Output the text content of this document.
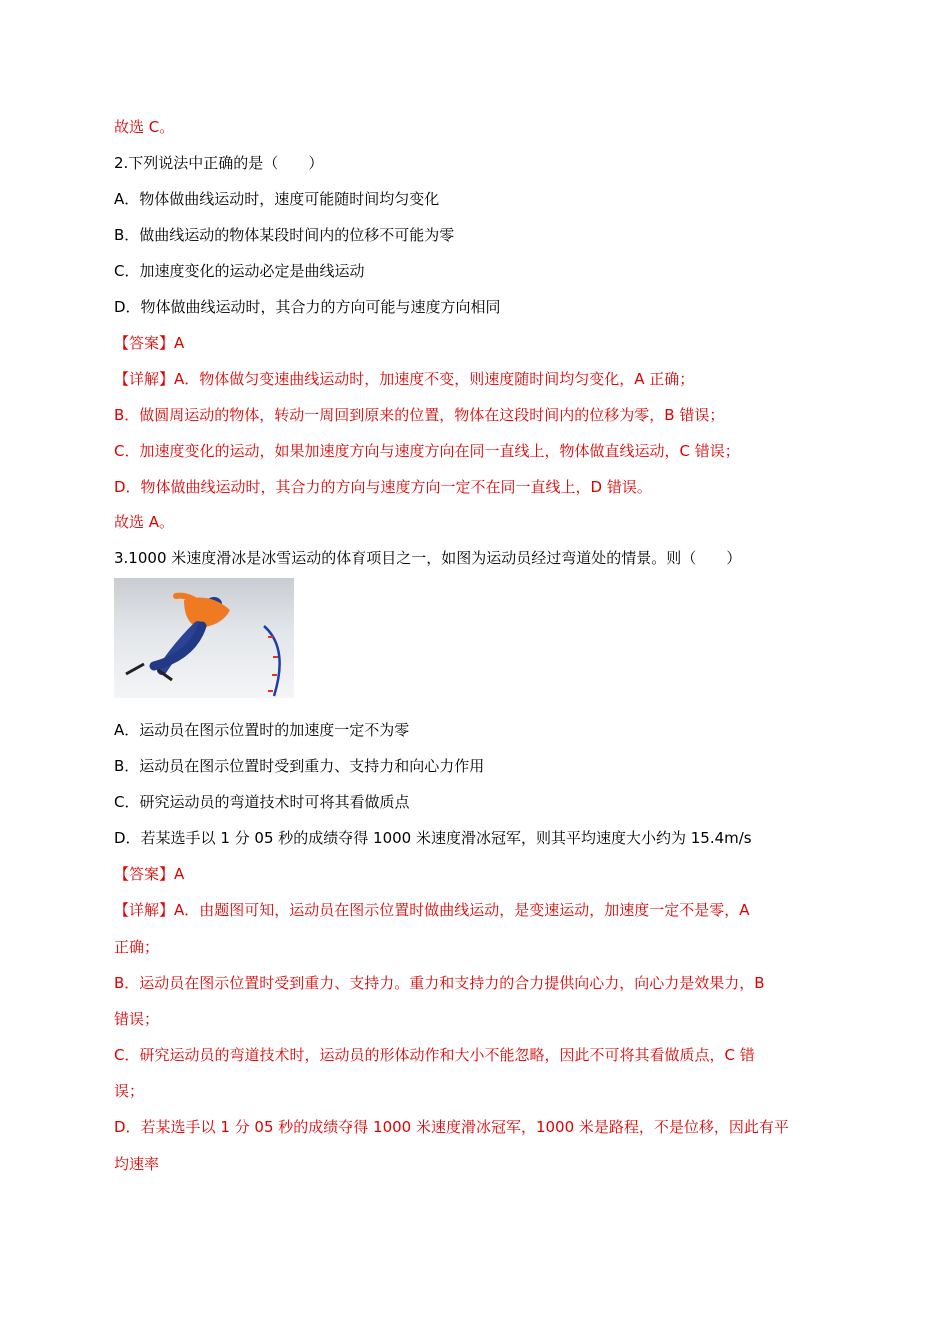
故选 C。
2.下列说法中正确的是（　　）
A．物体做曲线运动时，速度可能随时间均匀变化
B．做曲线运动的物体某段时间内的位移不可能为零
C．加速度变化的运动必定是曲线运动
D．物体做曲线运动时，其合力的方向可能与速度方向相同
【答案】A
【详解】A．物体做匀变速曲线运动时，加速度不变，则速度随时间均匀变化，A 正确；
B．做圆周运动的物体，转动一周回到原来的位置，物体在这段时间内的位移为零，B 错误；
C．加速度变化的运动，如果加速度方向与速度方向在同一直线上，物体做直线运动，C 错误；
D．物体做曲线运动时，其合力的方向与速度方向一定不在同一直线上，D 错误。
故选 A。
3.1000 米速度滑冰是冰雪运动的体育项目之一，如图为运动员经过弯道处的情景。则（　　）
A．运动员在图示位置时的加速度一定不为零
B．运动员在图示位置时受到重力、支持力和向心力作用
C．研究运动员的弯道技术时可将其看做质点
D．若某选手以 1 分 05 秒的成绩夺得 1000 米速度滑冰冠军，则其平均速度大小约为 15.4m/s
【答案】A
【详解】A．由题图可知，运动员在图示位置时做曲线运动，是变速运动，加速度一定不是零，A
正确；
B．运动员在图示位置时受到重力、支持力。重力和支持力的合力提供向心力，向心力是效果力，B
错误；
C．研究运动员的弯道技术时，运动员的形体动作和大小不能忽略，因此不可将其看做质点，C 错
误；
D．若某选手以 1 分 05 秒的成绩夺得 1000 米速度滑冰冠军，1000 米是路程，不是位移，因此有平
均速率
